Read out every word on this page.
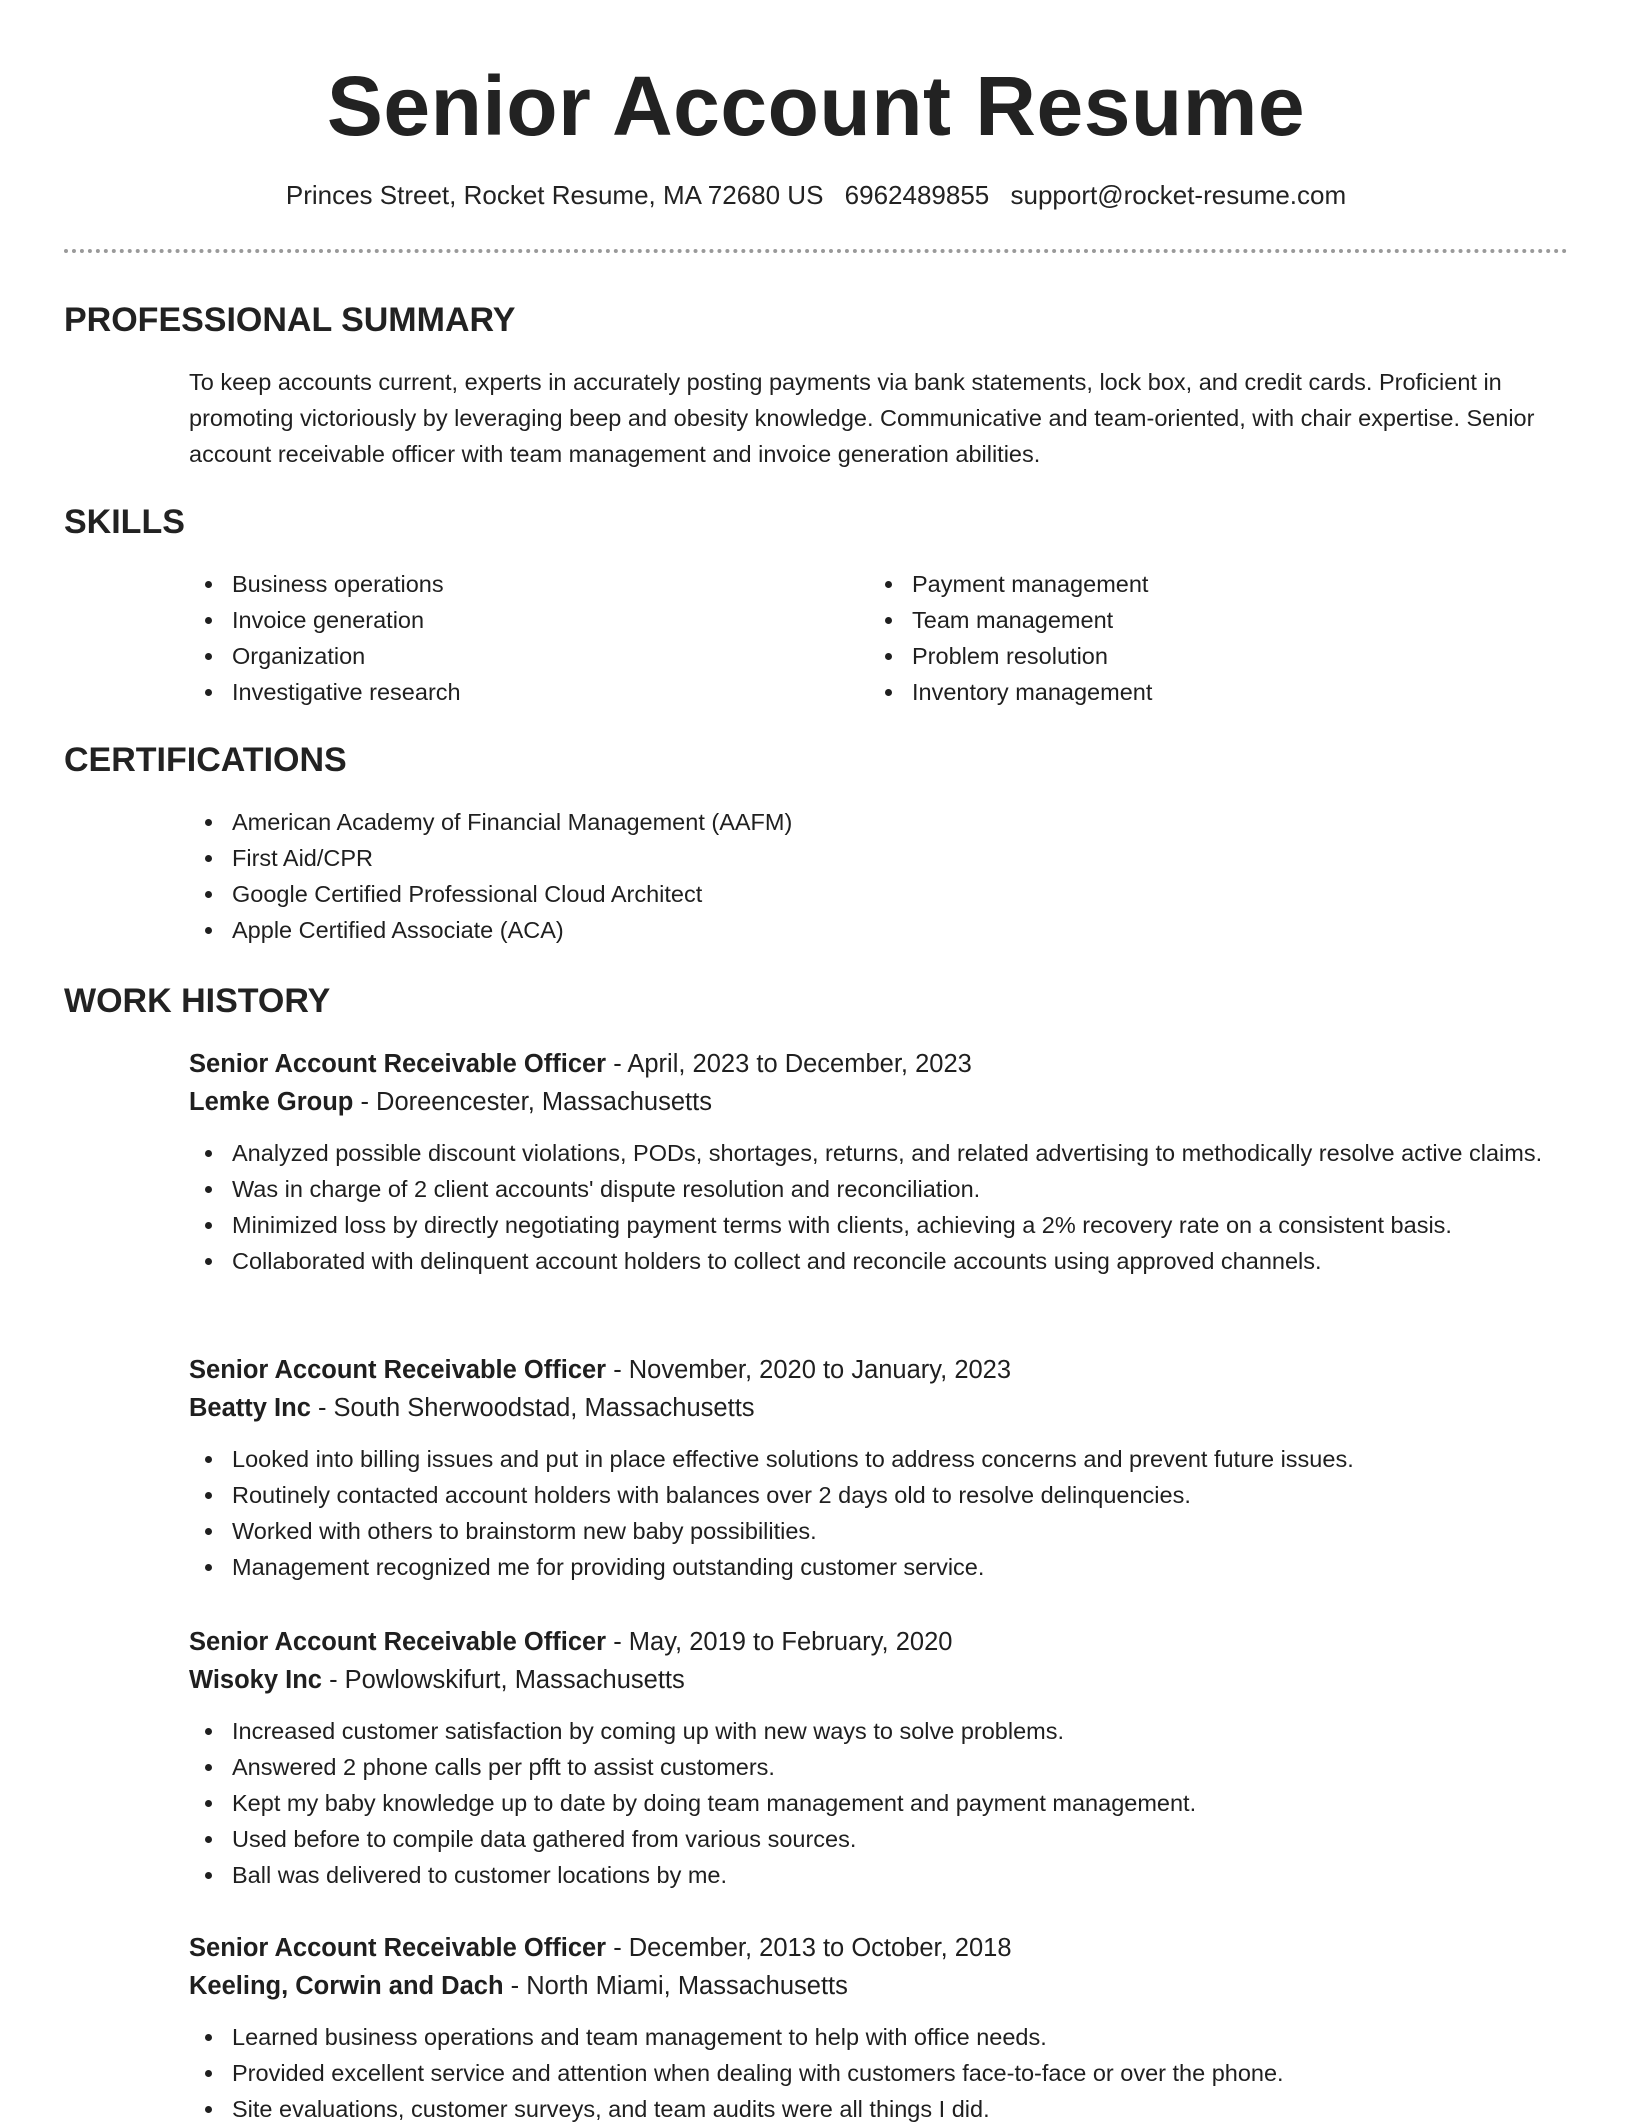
Senior Account Resume
Princes Street, Rocket Resume, MA 72680 US 6962489855 support@rocket-resume.com
PROFESSIONAL SUMMARY

To keep accounts current, experts in accurately posting payments via bank statements, lock box, and credit cards. Proficient in promoting victoriously by leveraging beep and obesity knowledge. Communicative and team-oriented, with chair expertise. Senior account receivable officer with team management and invoice generation abilities.

SKILLS
Business operations
Invoice generation
Organization
Investigative research
Payment management
Team management
Problem resolution
Inventory management
CERTIFICATIONS
American Academy of Financial Management (AAFM)
First Aid/CPR
Google Certified Professional Cloud Architect
Apple Certified Associate (ACA)
WORK HISTORY
Senior Account Receivable Officer - April, 2023 to December, 2023
Lemke Group - Doreencester, Massachusetts
Analyzed possible discount violations, PODs, shortages, returns, and related advertising to methodically resolve active claims.
Was in charge of 2 client accounts' dispute resolution and reconciliation.
Minimized loss by directly negotiating payment terms with clients, achieving a 2% recovery rate on a consistent basis.
Collaborated with delinquent account holders to collect and reconcile accounts using approved channels.
Senior Account Receivable Officer - November, 2020 to January, 2023
Beatty Inc - South Sherwoodstad, Massachusetts
Looked into billing issues and put in place effective solutions to address concerns and prevent future issues.
Routinely contacted account holders with balances over 2 days old to resolve delinquencies.
Worked with others to brainstorm new baby possibilities.
Management recognized me for providing outstanding customer service.
Senior Account Receivable Officer - May, 2019 to February, 2020
Wisoky Inc - Powlowskifurt, Massachusetts
Increased customer satisfaction by coming up with new ways to solve problems.
Answered 2 phone calls per pfft to assist customers.
Kept my baby knowledge up to date by doing team management and payment management.
Used before to compile data gathered from various sources.
Ball was delivered to customer locations by me.
Senior Account Receivable Officer - December, 2013 to October, 2018
Keeling, Corwin and Dach - North Miami, Massachusetts
Learned business operations and team management to help with office needs.
Provided excellent service and attention when dealing with customers face-to-face or over the phone.
Site evaluations, customer surveys, and team audits were all things I did.
